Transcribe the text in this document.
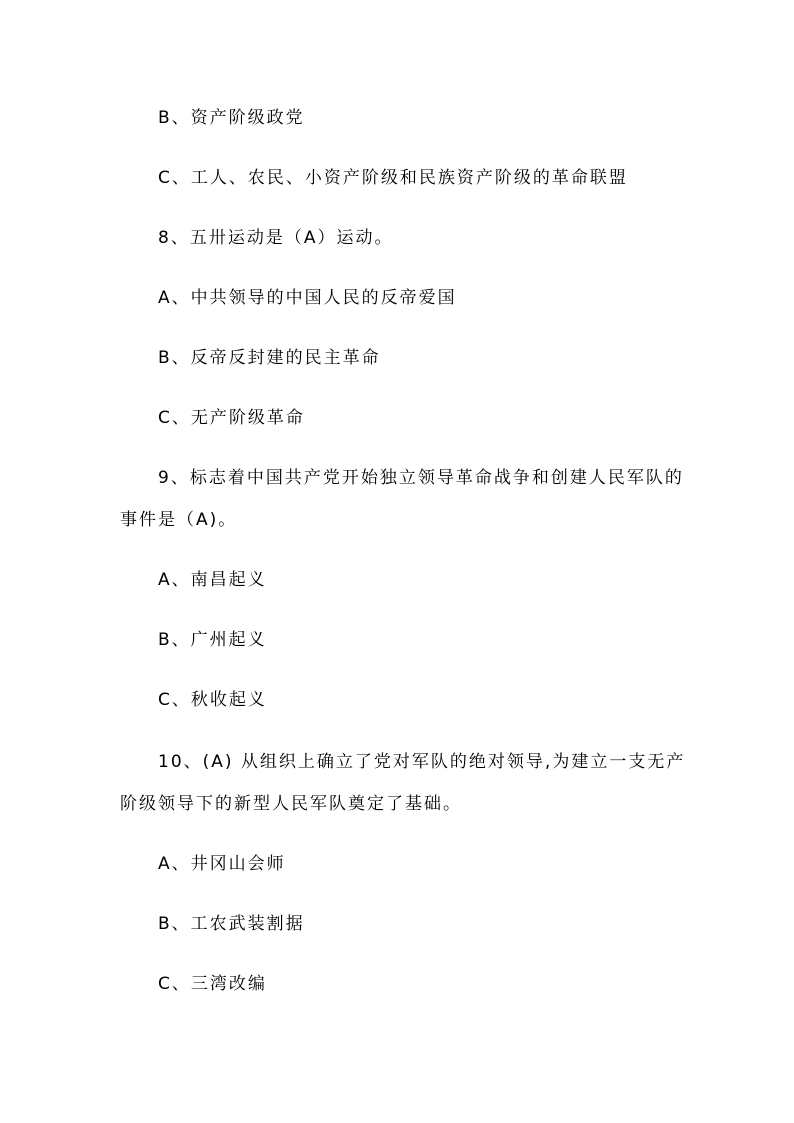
B、资产阶级政党
C、工人、农民、小资产阶级和民族资产阶级的革命联盟
8、五卅运动是（A）运动。
A、中共领导的中国人民的反帝爱国
B、反帝反封建的民主革命
C、无产阶级革命
9、标志着中国共产党开始独立领导革命战争和创建人民军队的
事件是（A)。
A、南昌起义
B、广州起义
C、秋收起义
10、(A) 从组织上确立了党对军队的绝对领导,为建立一支无产
阶级领导下的新型人民军队奠定了基础。
A、井冈山会师
B、工农武装割据
C、三湾改编
